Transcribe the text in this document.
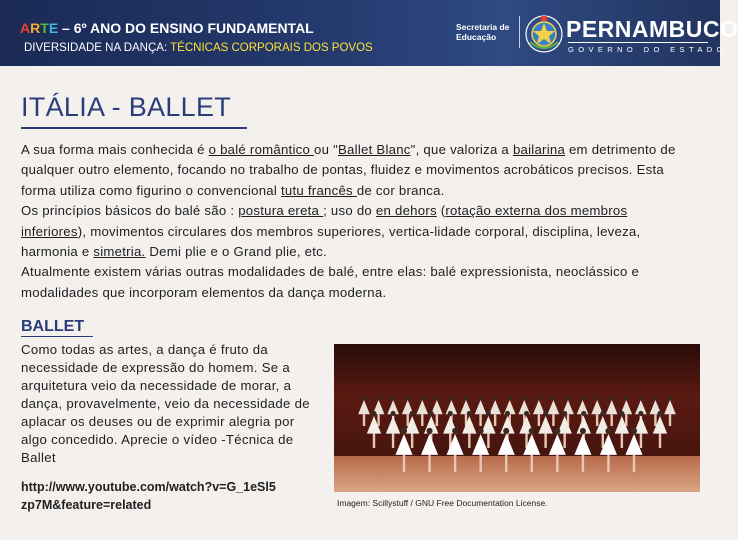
ARTE – 6º ANO DO ENSINO FUNDAMENTAL
DIVERSIDADE NA DANÇA: TÉCNICAS CORPORAIS DOS POVOS
Secretaria de Educação	PERNAMBUCO
GOVERNO DO ESTADO
ITÁLIA - BALLET

A sua forma mais conhecida é o balé romântico ou "Ballet Blanc", que valoriza a bailarina em detrimento de qualquer outro elemento, focando no trabalho de pontas, fluidez e movimentos acrobáticos precisos. Esta forma utiliza como figurino o convencional tutu francês de cor branca.

Os princípios básicos do balé são : postura ereta ; uso do en dehors (rotação externa dos membros inferiores), movimentos circulares dos membros superiores, vertica-lidade corporal, disciplina, leveza, harmonia e simetria. Demi plie e o Grand plie, etc.

Atualmente existem várias outras modalidades de balé, entre elas: balé expressionista, neoclássico e modalidades que incorporam elementos da dança moderna.

BALLET
Como todas as artes, a dança é fruto da necessidade de expressão do homem. Se a arquitetura veio da necessidade de morar, a dança, provavelmente, veio da necessidade de aplacar os deuses ou de exprimir alegria por algo concedido. Aprecie o vídeo -Técnica de Ballet
http://www.youtube.com/watch?v=G_1eSl5 zp7M&feature=related	Imagem: Scillystuff / GNU Free Documentation License.
